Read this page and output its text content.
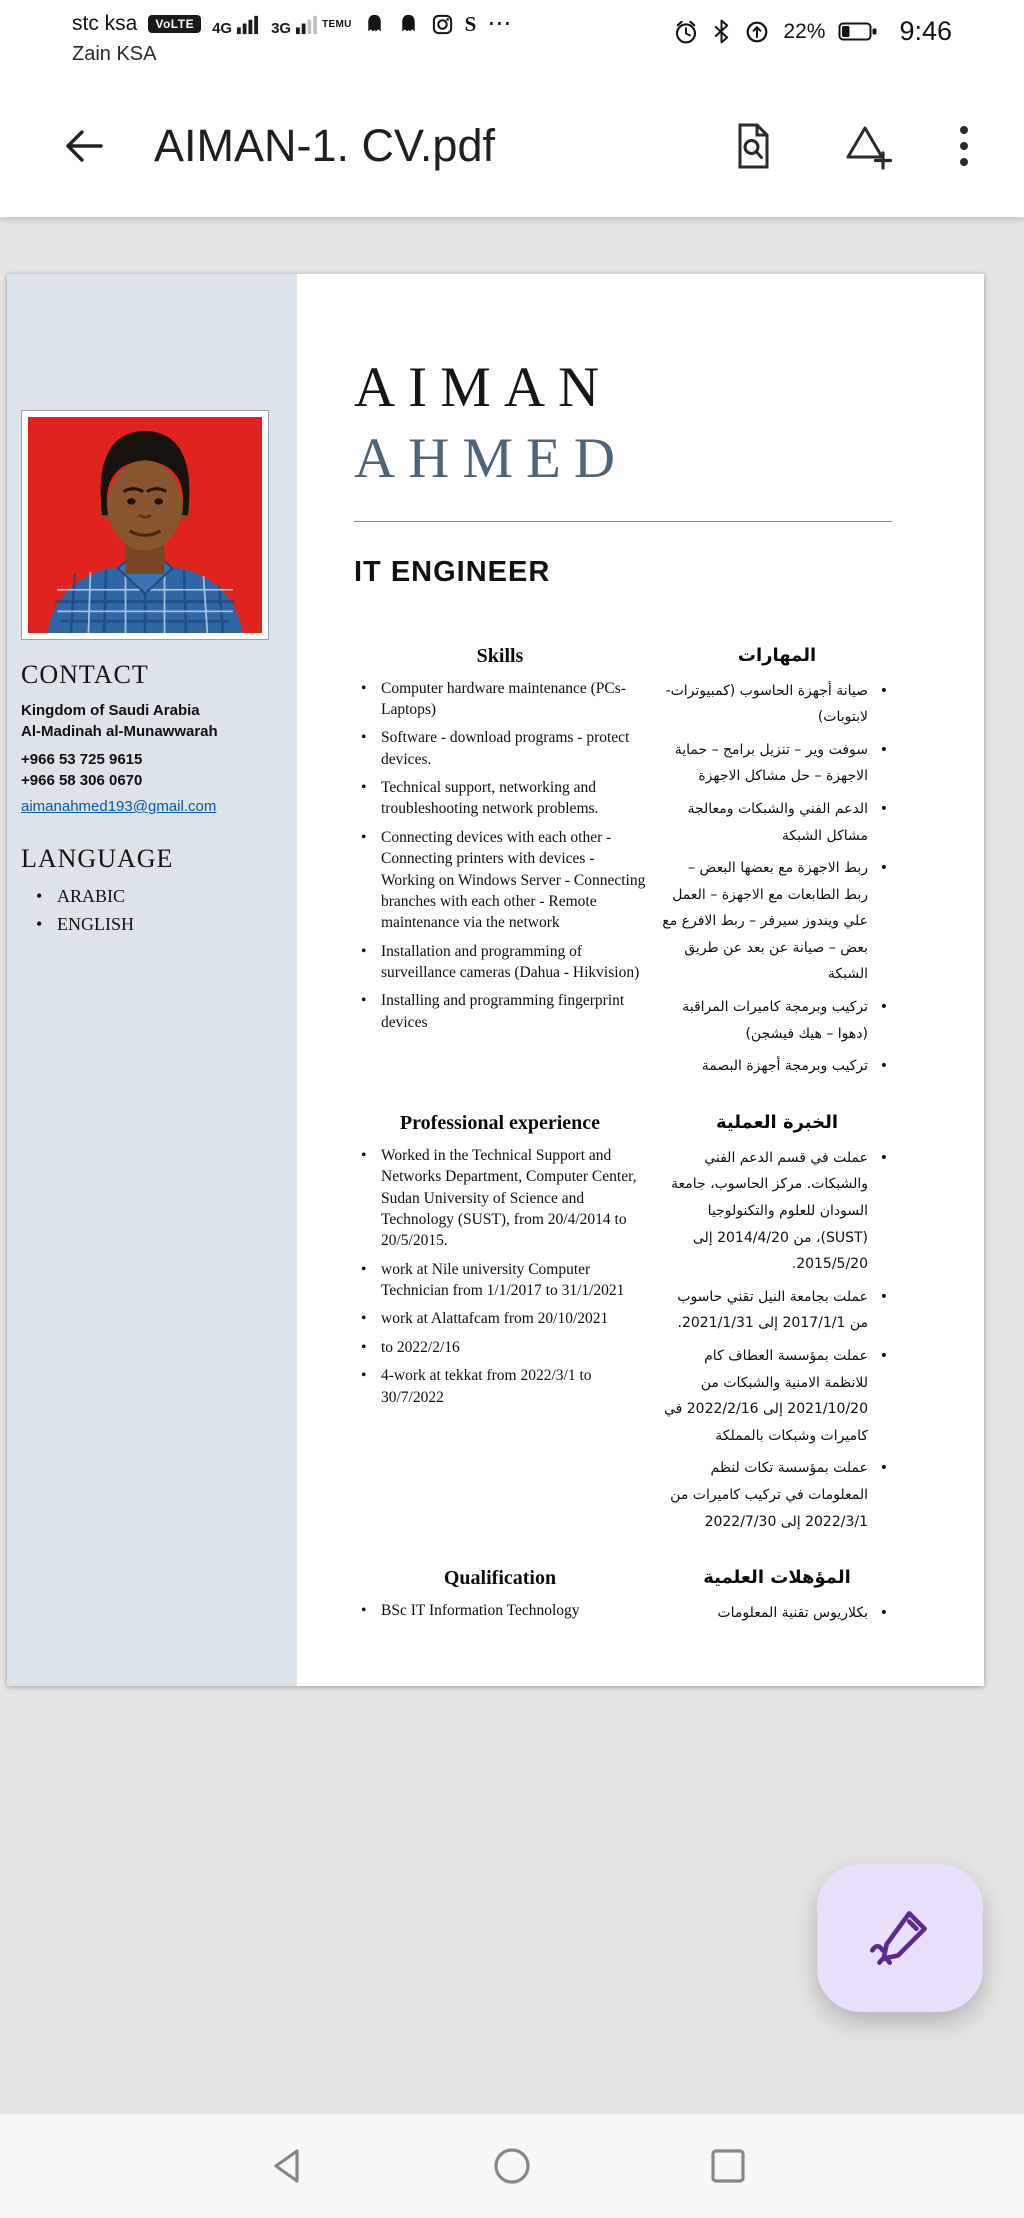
stc ksa	VoLTE	4G	3G	TEMU	S ⋯
Zain KSA
22%	9:46
AIMAN-1. CV.pdf
CONTACT
Kingdom of Saudi Arabia
Al-Madinah al-Munawwarah
+966 53 725 9615
+966 58 306 0670
aimanahmed193@gmail.com
LANGUAGE
• ARABIC
• ENGLISH
AIMAN
AHMED
IT ENGINEER
Skills	المهارات
• Computer hardware maintenance (PCs-Laptops)
• Software - download programs - protect devices.
• Technical support, networking and troubleshooting network problems.
• Connecting devices with each other - Connecting printers with devices - Working on Windows Server - Connecting branches with each other - Remote maintenance via the network
• Installation and programming of surveillance cameras (Dahua - Hikvision)
• Installing and programming fingerprint devices
• صيانة أجهزة الحاسوب (كمبيوترات- لابتوبات)
• سوفت وير – تنزيل برامج – حماية الاجهزة – حل مشاكل الاجهزة
• الدعم الفني والشبكات ومعالجة مشاكل الشبكة
• ربط الاجهزة مع بعضها البعض – ربط الطابعات مع الاجهزة – العمل علي ويندوز سيرفر – ربط الافرع مع بعض – صيانة عن بعد عن طريق الشبكة
• تركيب وبرمجة كاميرات المراقبة (دهوا – هيك فيشجن)
• تركيب وبرمجة أجهزة البصمة
Professional experience	الخبرة العملية
• Worked in the Technical Support and Networks Department, Computer Center, Sudan University of Science and Technology (SUST), from 20/4/2014 to 20/5/2015.
• work at Nile university Computer Technician from 1/1/2017 to 31/1/2021
• work at Alattafcam from 20/10/2021
• to 2022/2/16
• 4-work at tekkat from 2022/3/1 to 30/7/2022
• عملت في قسم الدعم الفني والشبكات. مركز الحاسوب، جامعة السودان للعلوم والتكنولوجيا (SUST)، من 2014/4/20 إلى 2015/5/20.
• عملت بجامعة النيل تقني حاسوب من 2017/1/1 إلى 2021/1/31.
• عملت بمؤسسة العطاف كام للانظمة الامنية والشبكات من 2021/10/20 إلى 2022/2/16 في كاميرات وشبكات بالمملكة
• عملت بمؤسسة تكات لنظم المعلومات في تركيب كاميرات من 2022/3/1 إلى 2022/7/30
Qualification	المؤهلات العلمية
• BSc IT Information Technology	• بكلاريوس تقنية المعلومات
